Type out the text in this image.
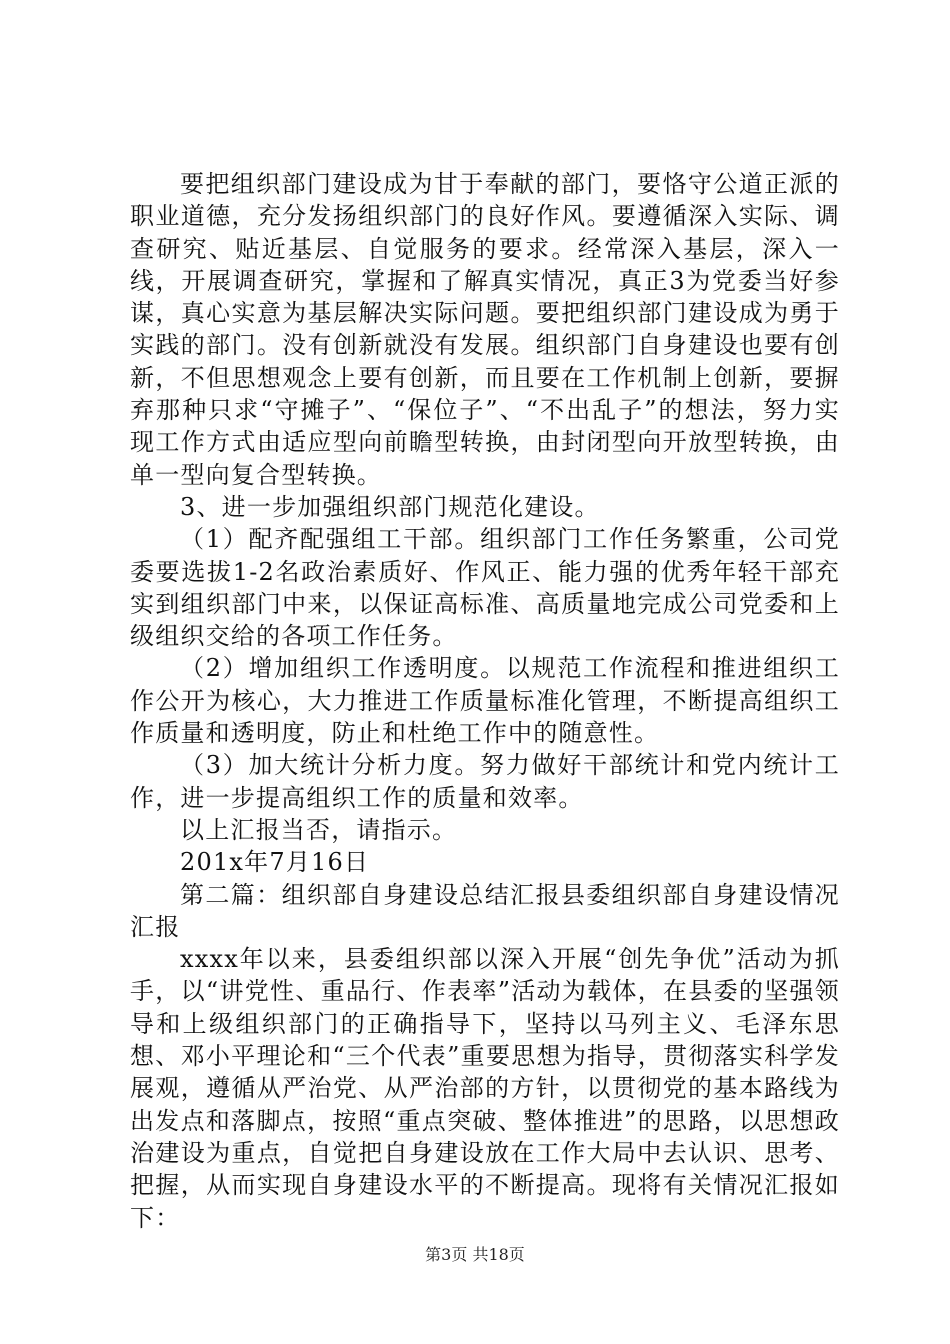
要把组织部门建设成为甘于奉献的部门，要恪守公道正派的职业道德，充分发扬组织部门的良好作风。要遵循深入实际、调查研究、贴近基层、自觉服务的要求。经常深入基层，深入一线，开展调查研究，掌握和了解真实情况，真正3为党委当好参谋，真心实意为基层解决实际问题。要把组织部门建设成为勇于实践的部门。没有创新就没有发展。组织部门自身建设也要有创新，不但思想观念上要有创新，而且要在工作机制上创新，要摒弃那种只求“守摊子”、“保位子”、“不出乱子”的想法，努力实现工作方式由适应型向前瞻型转换，由封闭型向开放型转换，由单一型向复合型转换。

3、进一步加强组织部门规范化建设。

（1）配齐配强组工干部。组织部门工作任务繁重，公司党委要选拔1-2名政治素质好、作风正、能力强的优秀年轻干部充实到组织部门中来，以保证高标准、高质量地完成公司党委和上级组织交给的各项工作任务。

（2）增加组织工作透明度。以规范工作流程和推进组织工作公开为核心，大力推进工作质量标准化管理，不断提高组织工作质量和透明度，防止和杜绝工作中的随意性。

（3）加大统计分析力度。努力做好干部统计和党内统计工作，进一步提高组织工作的质量和效率。

以上汇报当否，请指示。

201x年7月16日

第二篇：组织部自身建设总结汇报县委组织部自身建设情况汇报

xxxx年以来，县委组织部以深入开展“创先争优”活动为抓手，以“讲党性、重品行、作表率”活动为载体，在县委的坚强领导和上级组织部门的正确指导下，坚持以马列主义、毛泽东思想、邓小平理论和“三个代表”重要思想为指导，贯彻落实科学发展观，遵循从严治党、从严治部的方针，以贯彻党的基本路线为出发点和落脚点，按照“重点突破、整体推进”的思路，以思想政治建设为重点，自觉把自身建设放在工作大局中去认识、思考、把握，从而实现自身建设水平的不断提高。现将有关情况汇报如下：

第3页 共18页
